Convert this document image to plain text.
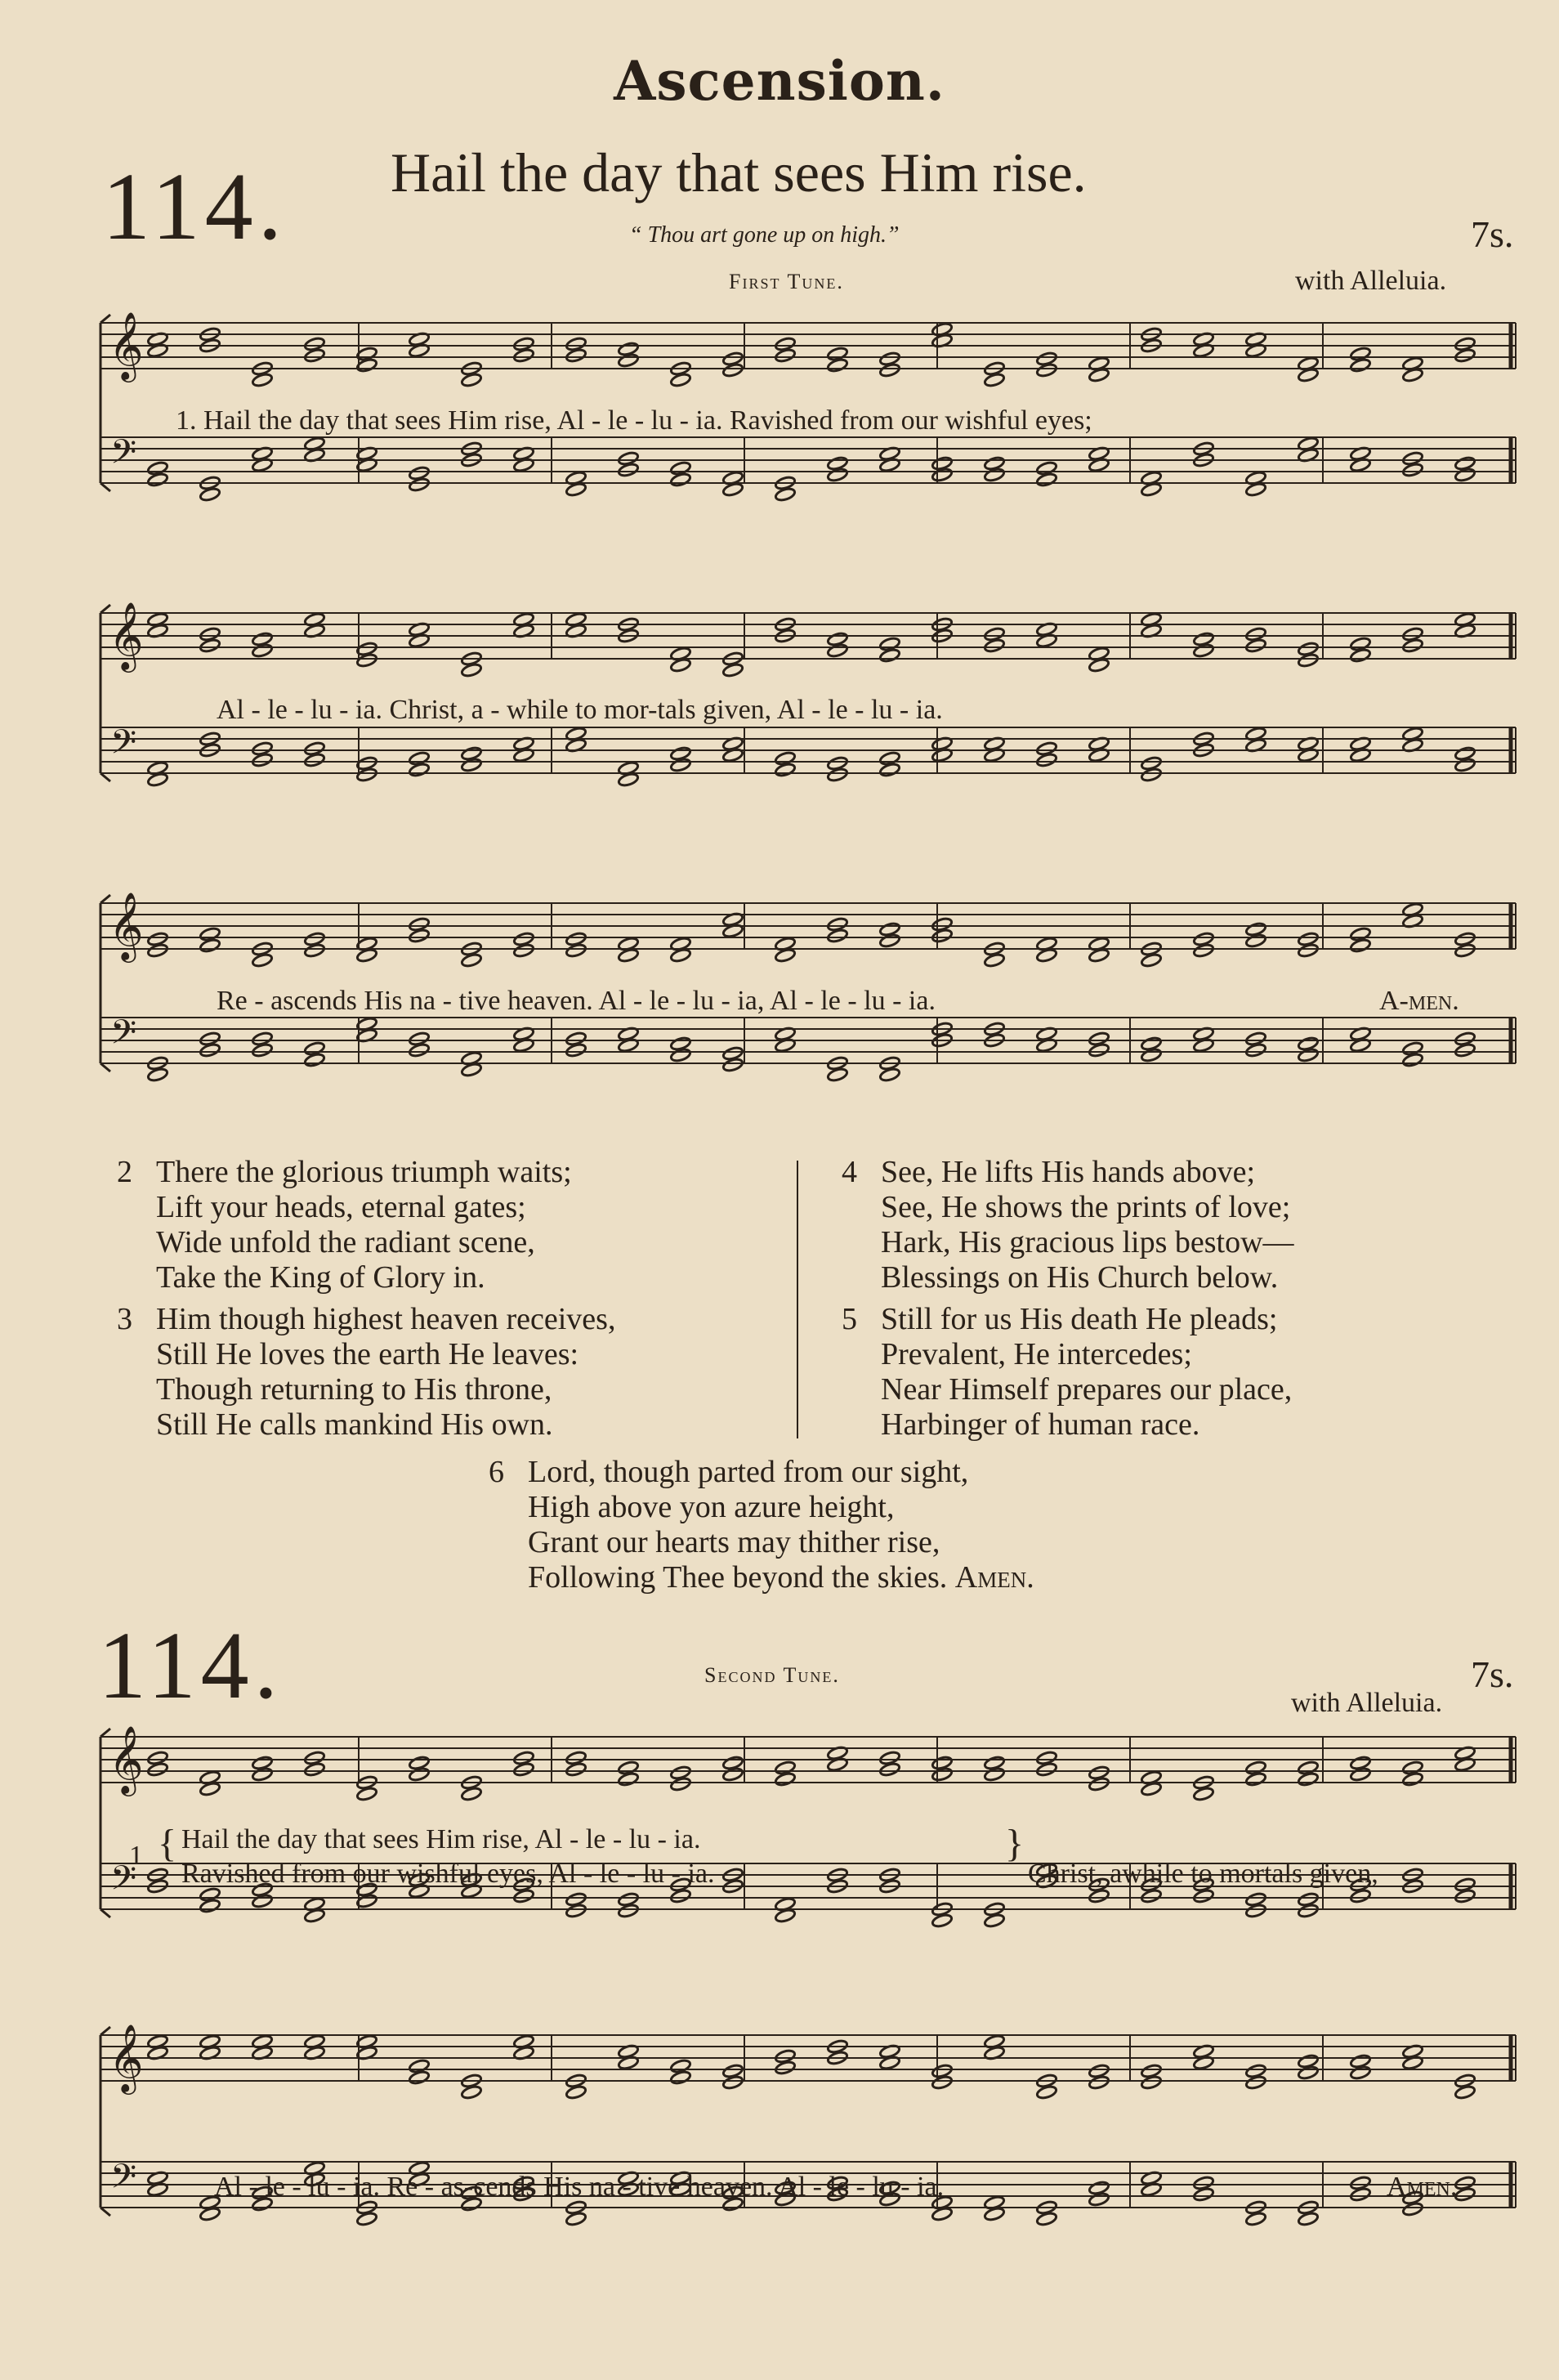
Ascension.
114. Hail the day that sees Him rise.
“ Thou art gone up on high.”	7s.
First Tune.	with Alleluia.
𝄞
𝄢
1. Hail the day that sees Him rise, Al - le - lu - ia. Ravished from our wishful eyes;
𝄞
𝄢
Al - le - lu - ia. Christ, a - while to mor-tals given, Al - le - lu - ia.
𝄞
𝄢
Re - ascends His na - tive heaven. Al - le - lu - ia, Al - le - lu - ia.	A-men.
2 There the glorious triumph waits;
Lift your heads, eternal gates;
Wide unfold the radiant scene,
Take the King of Glory in.
3 Him though highest heaven receives,
Still He loves the earth He leaves:
Though returning to His throne,
Still He calls mankind His own.
4 See, He lifts His hands above;
See, He shows the prints of love;
Hark, His gracious lips bestow—
Blessings on His Church below.
5 Still for us His death He pleads;
Prevalent, He intercedes;
Near Himself prepares our place,
Harbinger of human race.
6 Lord, though parted from our sight,
High above yon azure height,
Grant our hearts may thither rise,
Following Thee beyond the skies. Amen.
114.	Second Tune.	7s.
with Alleluia.
𝄞
𝄢
1 { Hail the day that sees Him rise, Al - le - lu - ia.
Ravished from our wishful eyes, Al - le - lu - ia.
}
Christ, awhile to mortals given,
𝄞
𝄢	Al - le - lu - ia. Re - as-cends His na - tive heaven. Al - le - lu - ia.	Amen.
